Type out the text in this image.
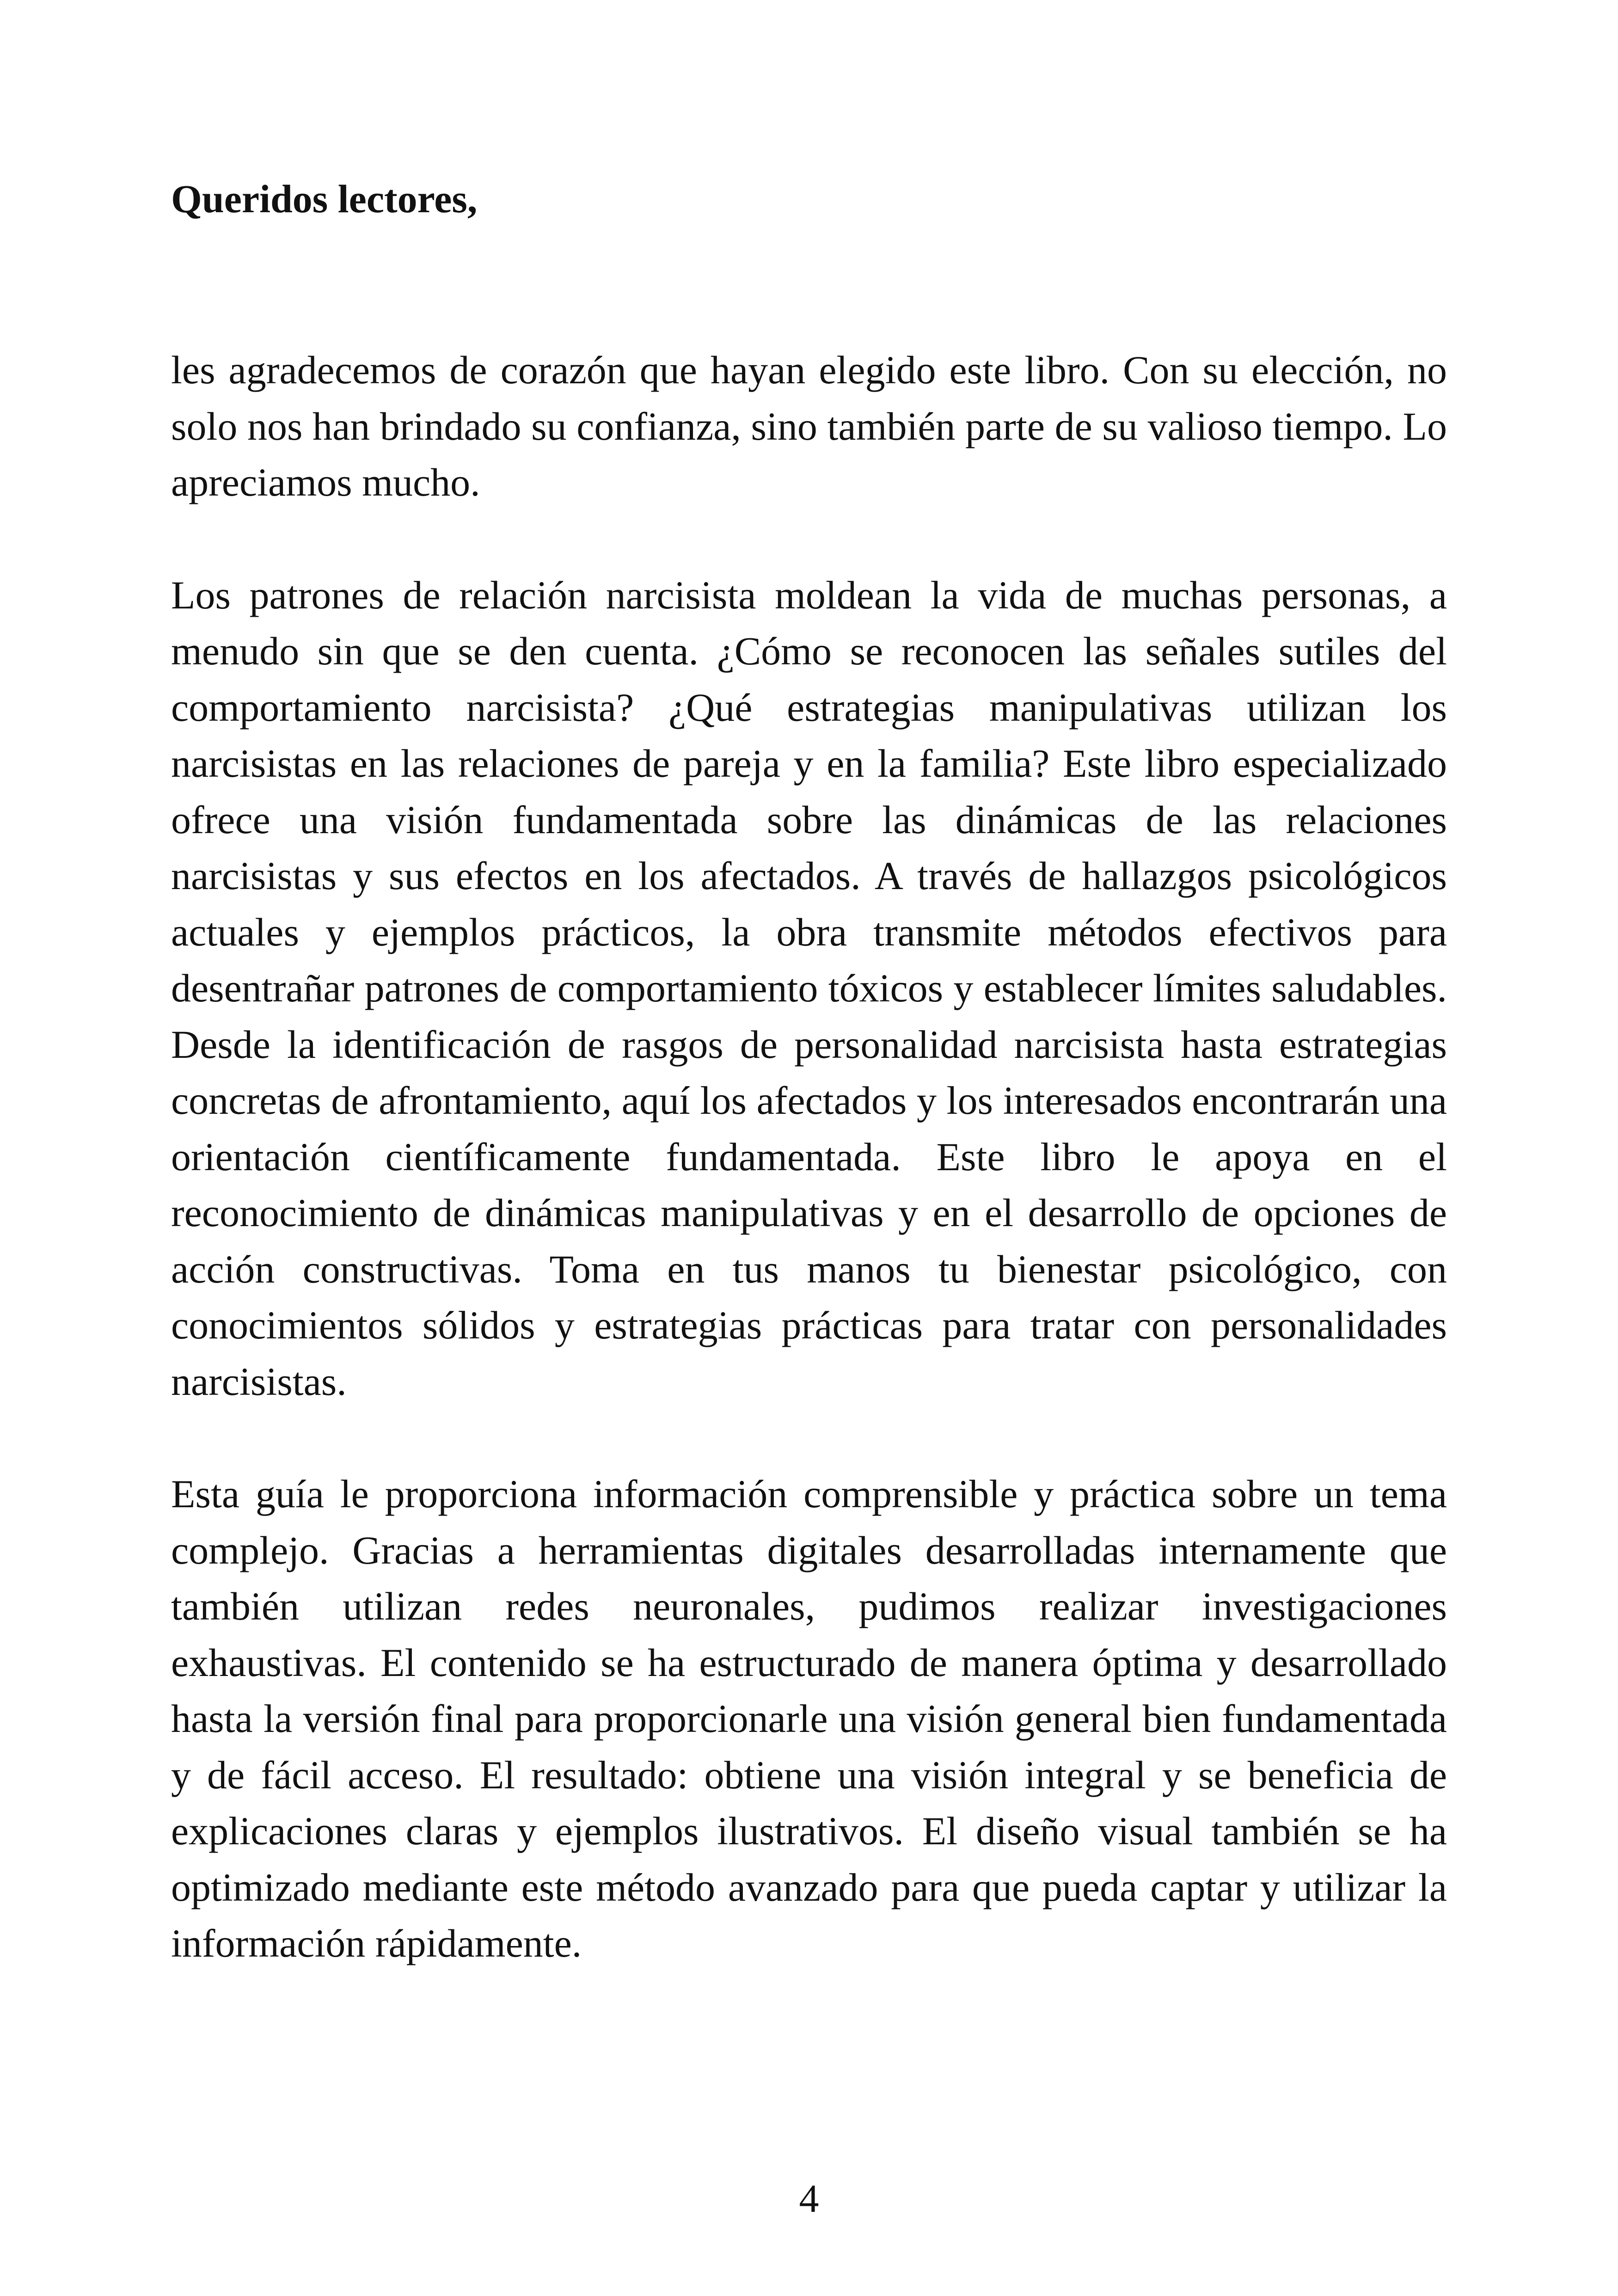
Queridos lectores,

les agradecemos de corazón que hayan elegido este libro. Con su elección, no solo nos han brindado su confianza, sino también parte de su valioso tiempo. Lo apreciamos mucho.

Los patrones de relación narcisista moldean la vida de muchas personas, a menudo sin que se den cuenta. ¿Cómo se reconocen las señales sutiles del comportamiento narcisista? ¿Qué estrategias manipulativas utilizan los narcisistas en las relaciones de pareja y en la familia? Este libro especializado ofrece una visión fundamentada sobre las dinámicas de las relaciones narcisistas y sus efectos en los afectados. A través de hallazgos psicológicos actuales y ejemplos prácticos, la obra transmite métodos efectivos para desentrañar patrones de comportamiento tóxicos y establecer límites saludables. Desde la identificación de rasgos de personalidad narcisista hasta estrategias concretas de afrontamiento, aquí los afectados y los interesados encontrarán una orientación científicamente fundamentada. Este libro le apoya en el reconocimiento de dinámicas manipulativas y en el desarrollo de opciones de acción constructivas. Toma en tus manos tu bienestar psicológico, con conocimientos sólidos y estrategias prácticas para tratar con personalidades narcisistas.

Esta guía le proporciona información comprensible y práctica sobre un tema complejo. Gracias a herramientas digitales desarrolladas internamente que también utilizan redes neuronales, pudimos realizar investigaciones exhaustivas. El contenido se ha estructurado de manera óptima y desarrollado hasta la versión final para proporcionarle una visión general bien fundamentada y de fácil acceso. El resultado: obtiene una visión integral y se beneficia de explicaciones claras y ejemplos ilustrativos. El diseño visual también se ha optimizado mediante este método avanzado para que pueda captar y utilizar la información rápidamente.

4
